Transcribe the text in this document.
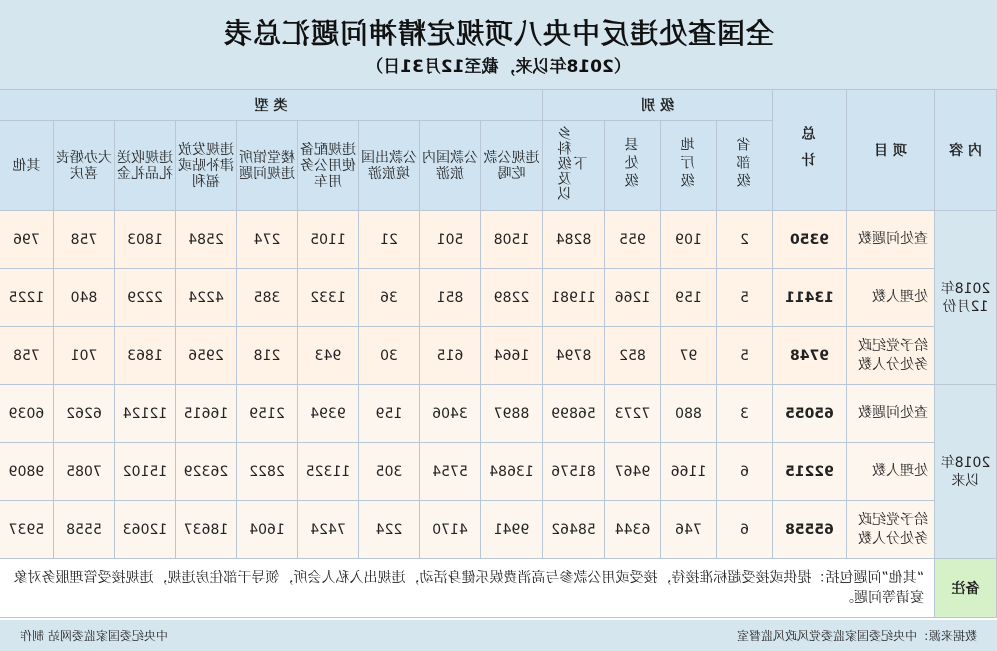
全国查处违反中央八项规定精神问题汇总表
（2018年以来，截至12月31日）
内 容	项 目	总 计	级 别				类 型								
			省部级	地厅级	县处级	乡科级及以下	违规公款吃喝	公款国内旅游	公款出国境旅游	违规配备使用公务用车	楼堂馆所违规问题	违规发放津补贴或福利	违规收送礼品礼金	大办婚丧喜庆	其他
2018年12月份	查处问题数	9350	2	109	955	8284	1508	501	21	1105	274	2584	1803	758	796
	处理人数	13411	5	159	1266	11981	2289	851	36	1332	385	4224	2229	840	1225
	给予党纪政务处分人数	9748	5	97	852	8794	1664	615	30	943	218	2956	1863	701	758
2018年以来	查处问题数	65055	3	880	7273	56899	8897	3406	159	9394	2159	16615	12124	6262	6039
	处理人数	92215	6	1166	9467	81576	13684	5754	305	11325	2822	26329	15102	7085	9809
	给予党纪政务处分人数	65558	6	746	6344	58462	9941	4170	224	7424	1604	18637	12063	5558	5937
备注	“其他”问题包括：提供或接受超标准接待，接受或用公款参与高消费娱乐健身活动，违规出入私人会所，领导干部住房违规，违规接受管理服务对象宴请等问题。														
数据来源：中央纪委国家监委党风政风监督室
中央纪委国家监委网站 制作
